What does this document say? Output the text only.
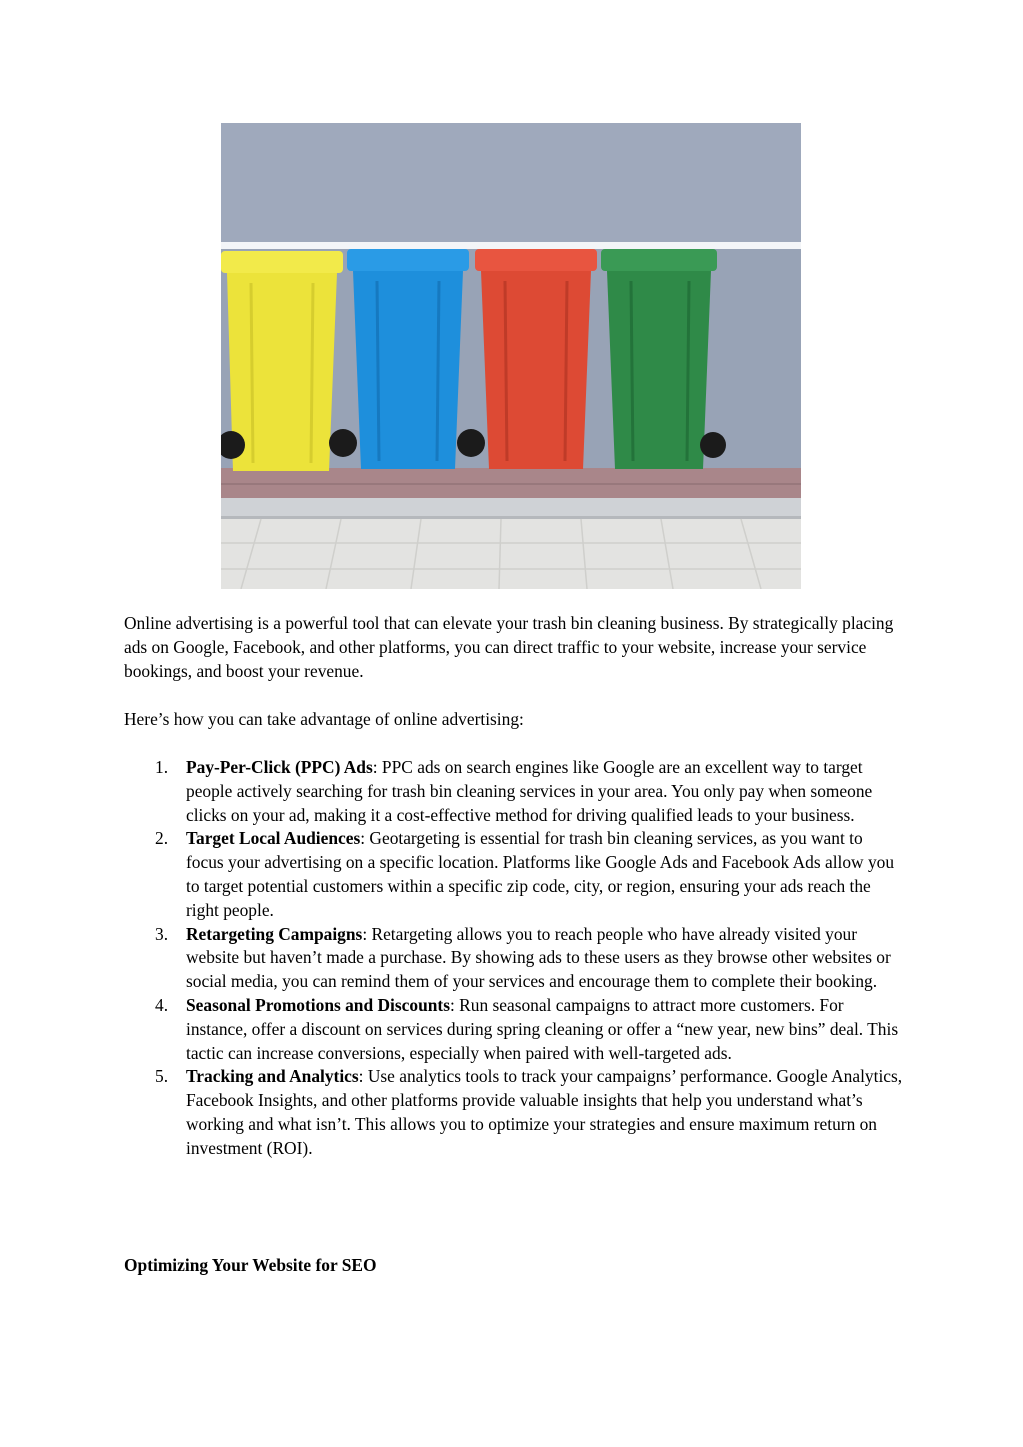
Online advertising is a powerful tool that can elevate your trash bin cleaning business. By strategically placing ads on Google, Facebook, and other platforms, you can direct traffic to your website, increase your service bookings, and boost your revenue.
Here’s how you can take advantage of online advertising:
1. Pay-Per-Click (PPC) Ads: PPC ads on search engines like Google are an excellent way to target people actively searching for trash bin cleaning services in your area. You only pay when someone clicks on your ad, making it a cost-effective method for driving qualified leads to your business.
2. Target Local Audiences: Geotargeting is essential for trash bin cleaning services, as you want to focus your advertising on a specific location. Platforms like Google Ads and Facebook Ads allow you to target potential customers within a specific zip code, city, or region, ensuring your ads reach the right people.
3. Retargeting Campaigns: Retargeting allows you to reach people who have already visited your website but haven’t made a purchase. By showing ads to these users as they browse other websites or social media, you can remind them of your services and encourage them to complete their booking.
4. Seasonal Promotions and Discounts: Run seasonal campaigns to attract more customers. For instance, offer a discount on services during spring cleaning or offer a “new year, new bins” deal. This tactic can increase conversions, especially when paired with well-targeted ads.
5. Tracking and Analytics: Use analytics tools to track your campaigns’ performance. Google Analytics, Facebook Insights, and other platforms provide valuable insights that help you understand what’s working and what isn’t. This allows you to optimize your strategies and ensure maximum return on investment (ROI).
Optimizing Your Website for SEO
